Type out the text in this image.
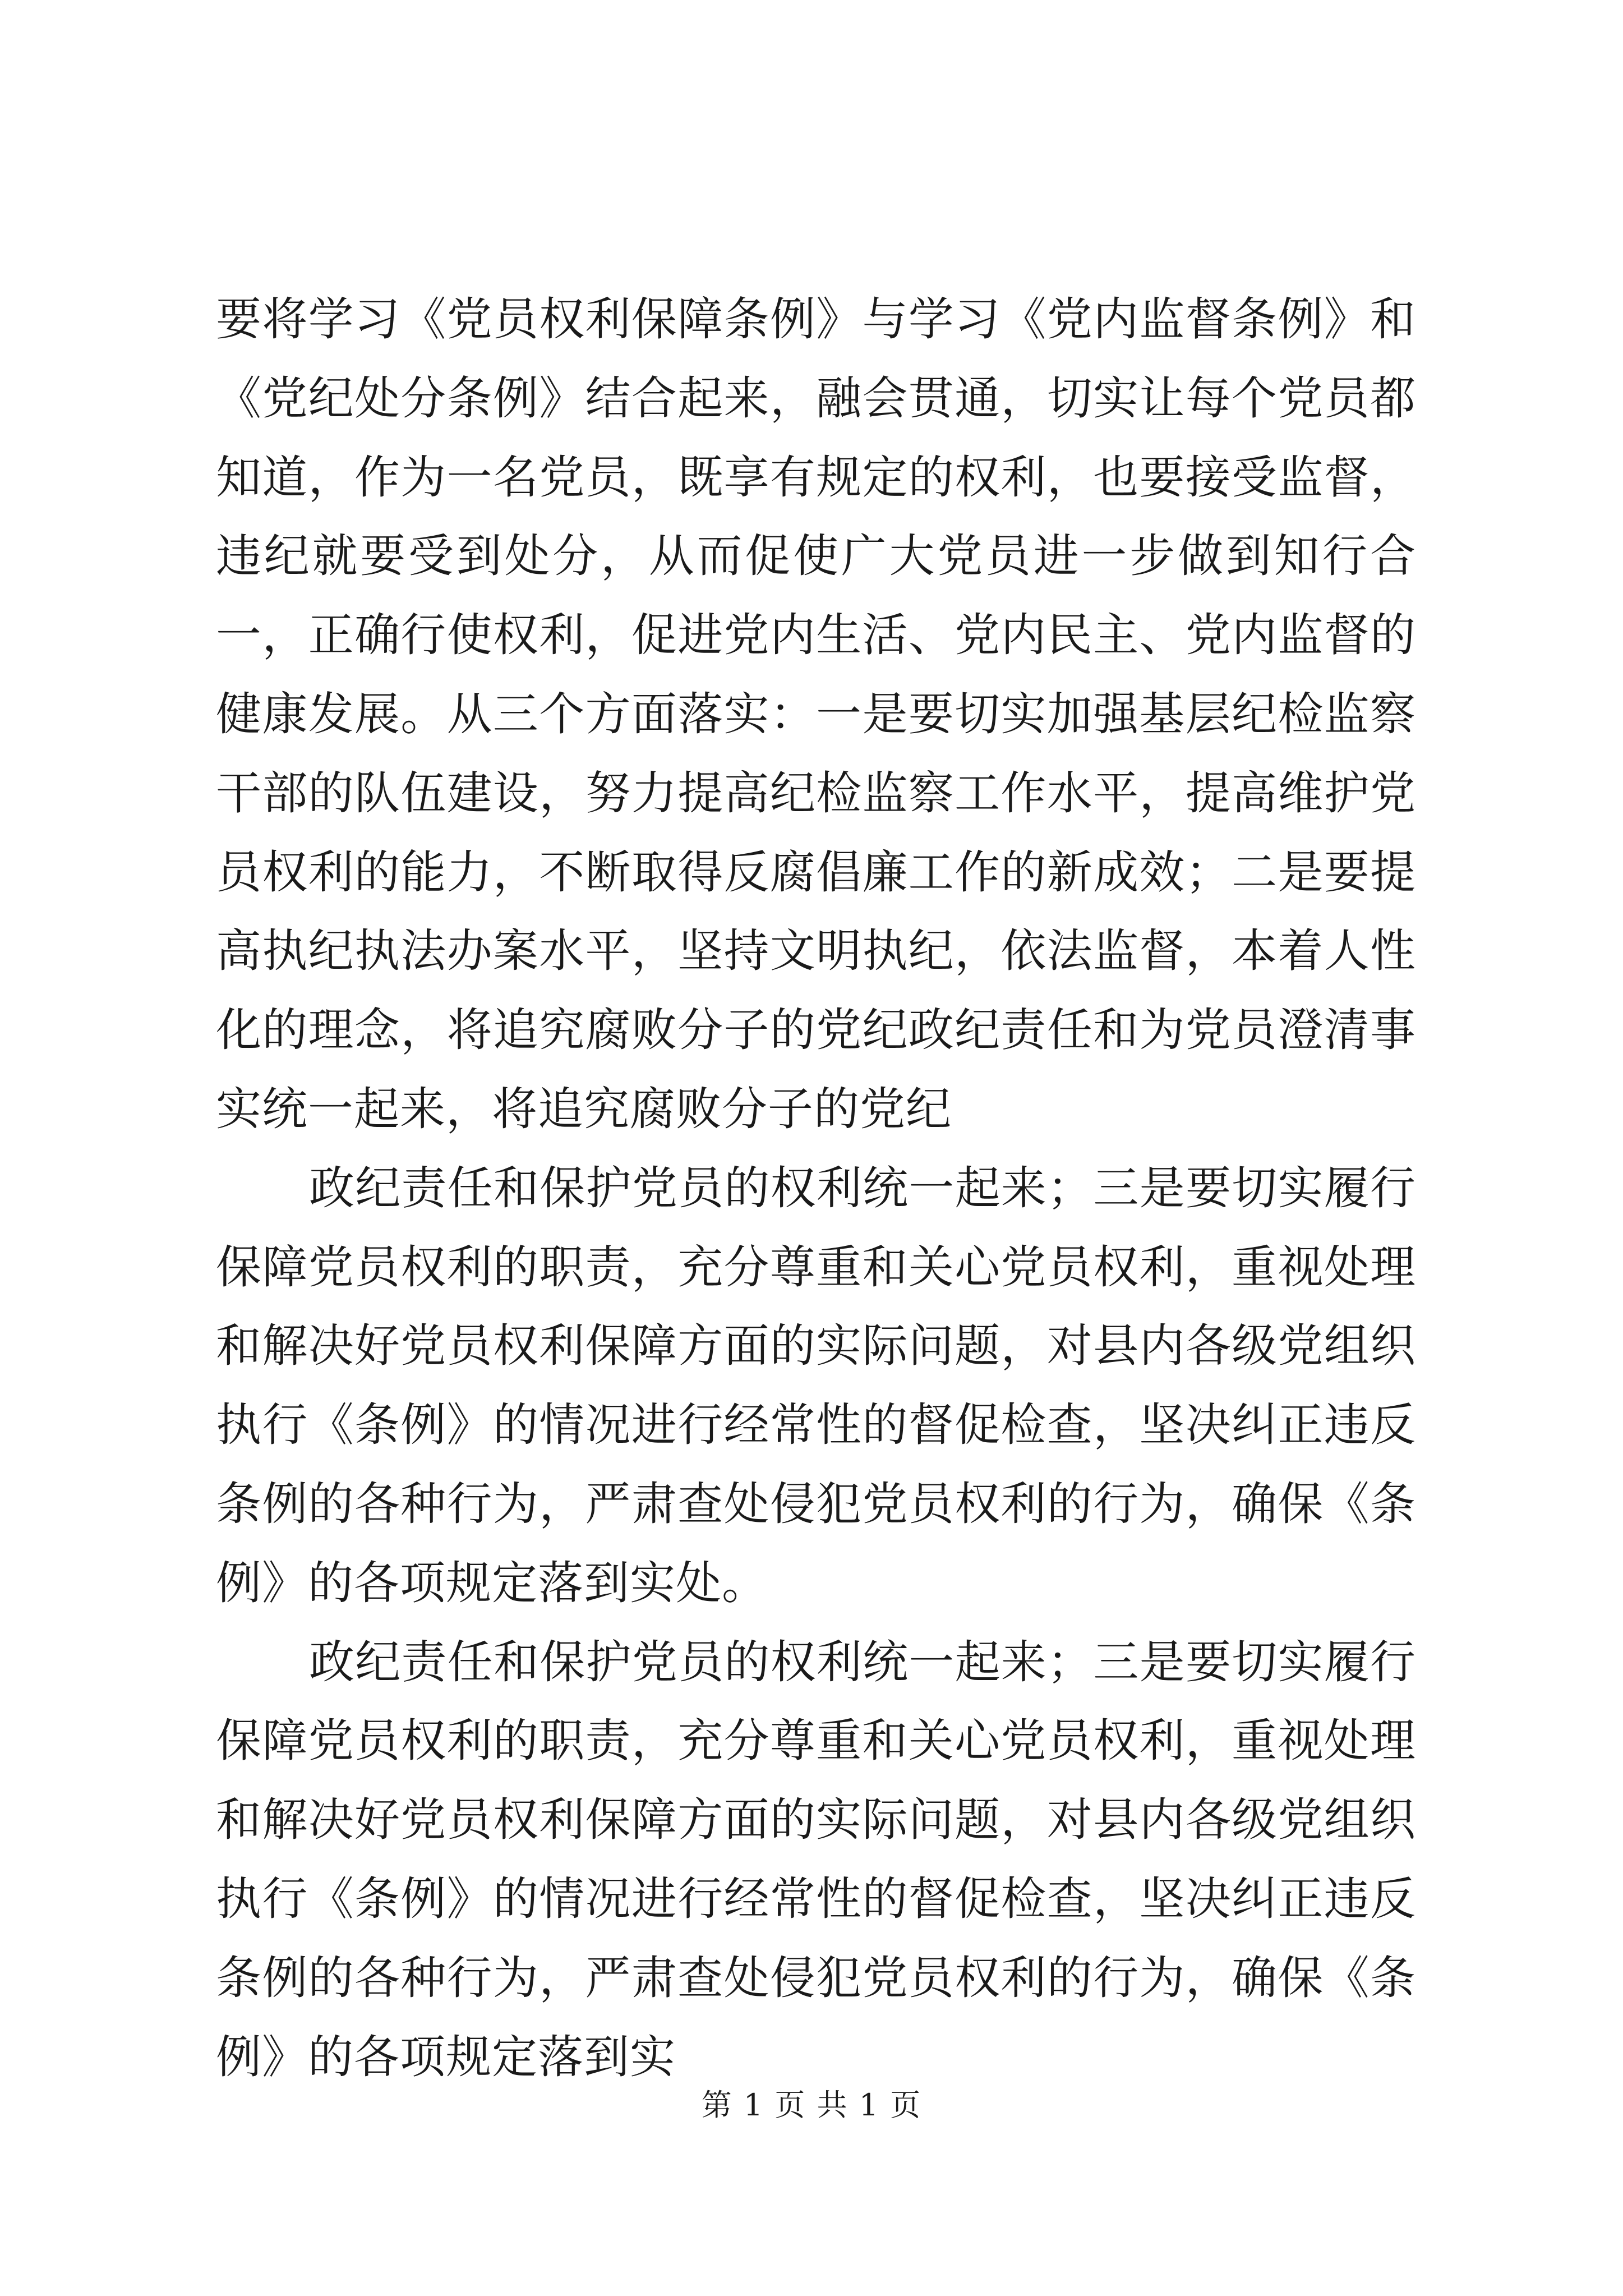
要将学习《党员权利保障条例》与学习《党内监督条例》和《党纪处分条例》结合起来，融会贯通，切实让每个党员都知道，作为一名党员，既享有规定的权利，也要接受监督，违纪就要受到处分，从而促使广大党员进一步做到知行合一，正确行使权利，促进党内生活、党内民主、党内监督的健康发展。从三个方面落实：一是要切实加强基层纪检监察干部的队伍建设，努力提高纪检监察工作水平，提高维护党员权利的能力，不断取得反腐倡廉工作的新成效；二是要提高执纪执法办案水平，坚持文明执纪，依法监督，本着人性化的理念，将追究腐败分子的党纪政纪责任和为党员澄清事实统一起来，将追究腐败分子的党纪

政纪责任和保护党员的权利统一起来；三是要切实履行保障党员权利的职责，充分尊重和关心党员权利，重视处理和解决好党员权利保障方面的实际问题，对县内各级党组织执行《条例》的情况进行经常性的督促检查，坚决纠正违反条例的各种行为，严肃查处侵犯党员权利的行为，确保《条例》的各项规定落到实处。

政纪责任和保护党员的权利统一起来；三是要切实履行保障党员权利的职责，充分尊重和关心党员权利，重视处理和解决好党员权利保障方面的实际问题，对县内各级党组织执行《条例》的情况进行经常性的督促检查，坚决纠正违反条例的各种行为，严肃查处侵犯党员权利的行为，确保《条例》的各项规定落到实

第 1 页 共 1 页
